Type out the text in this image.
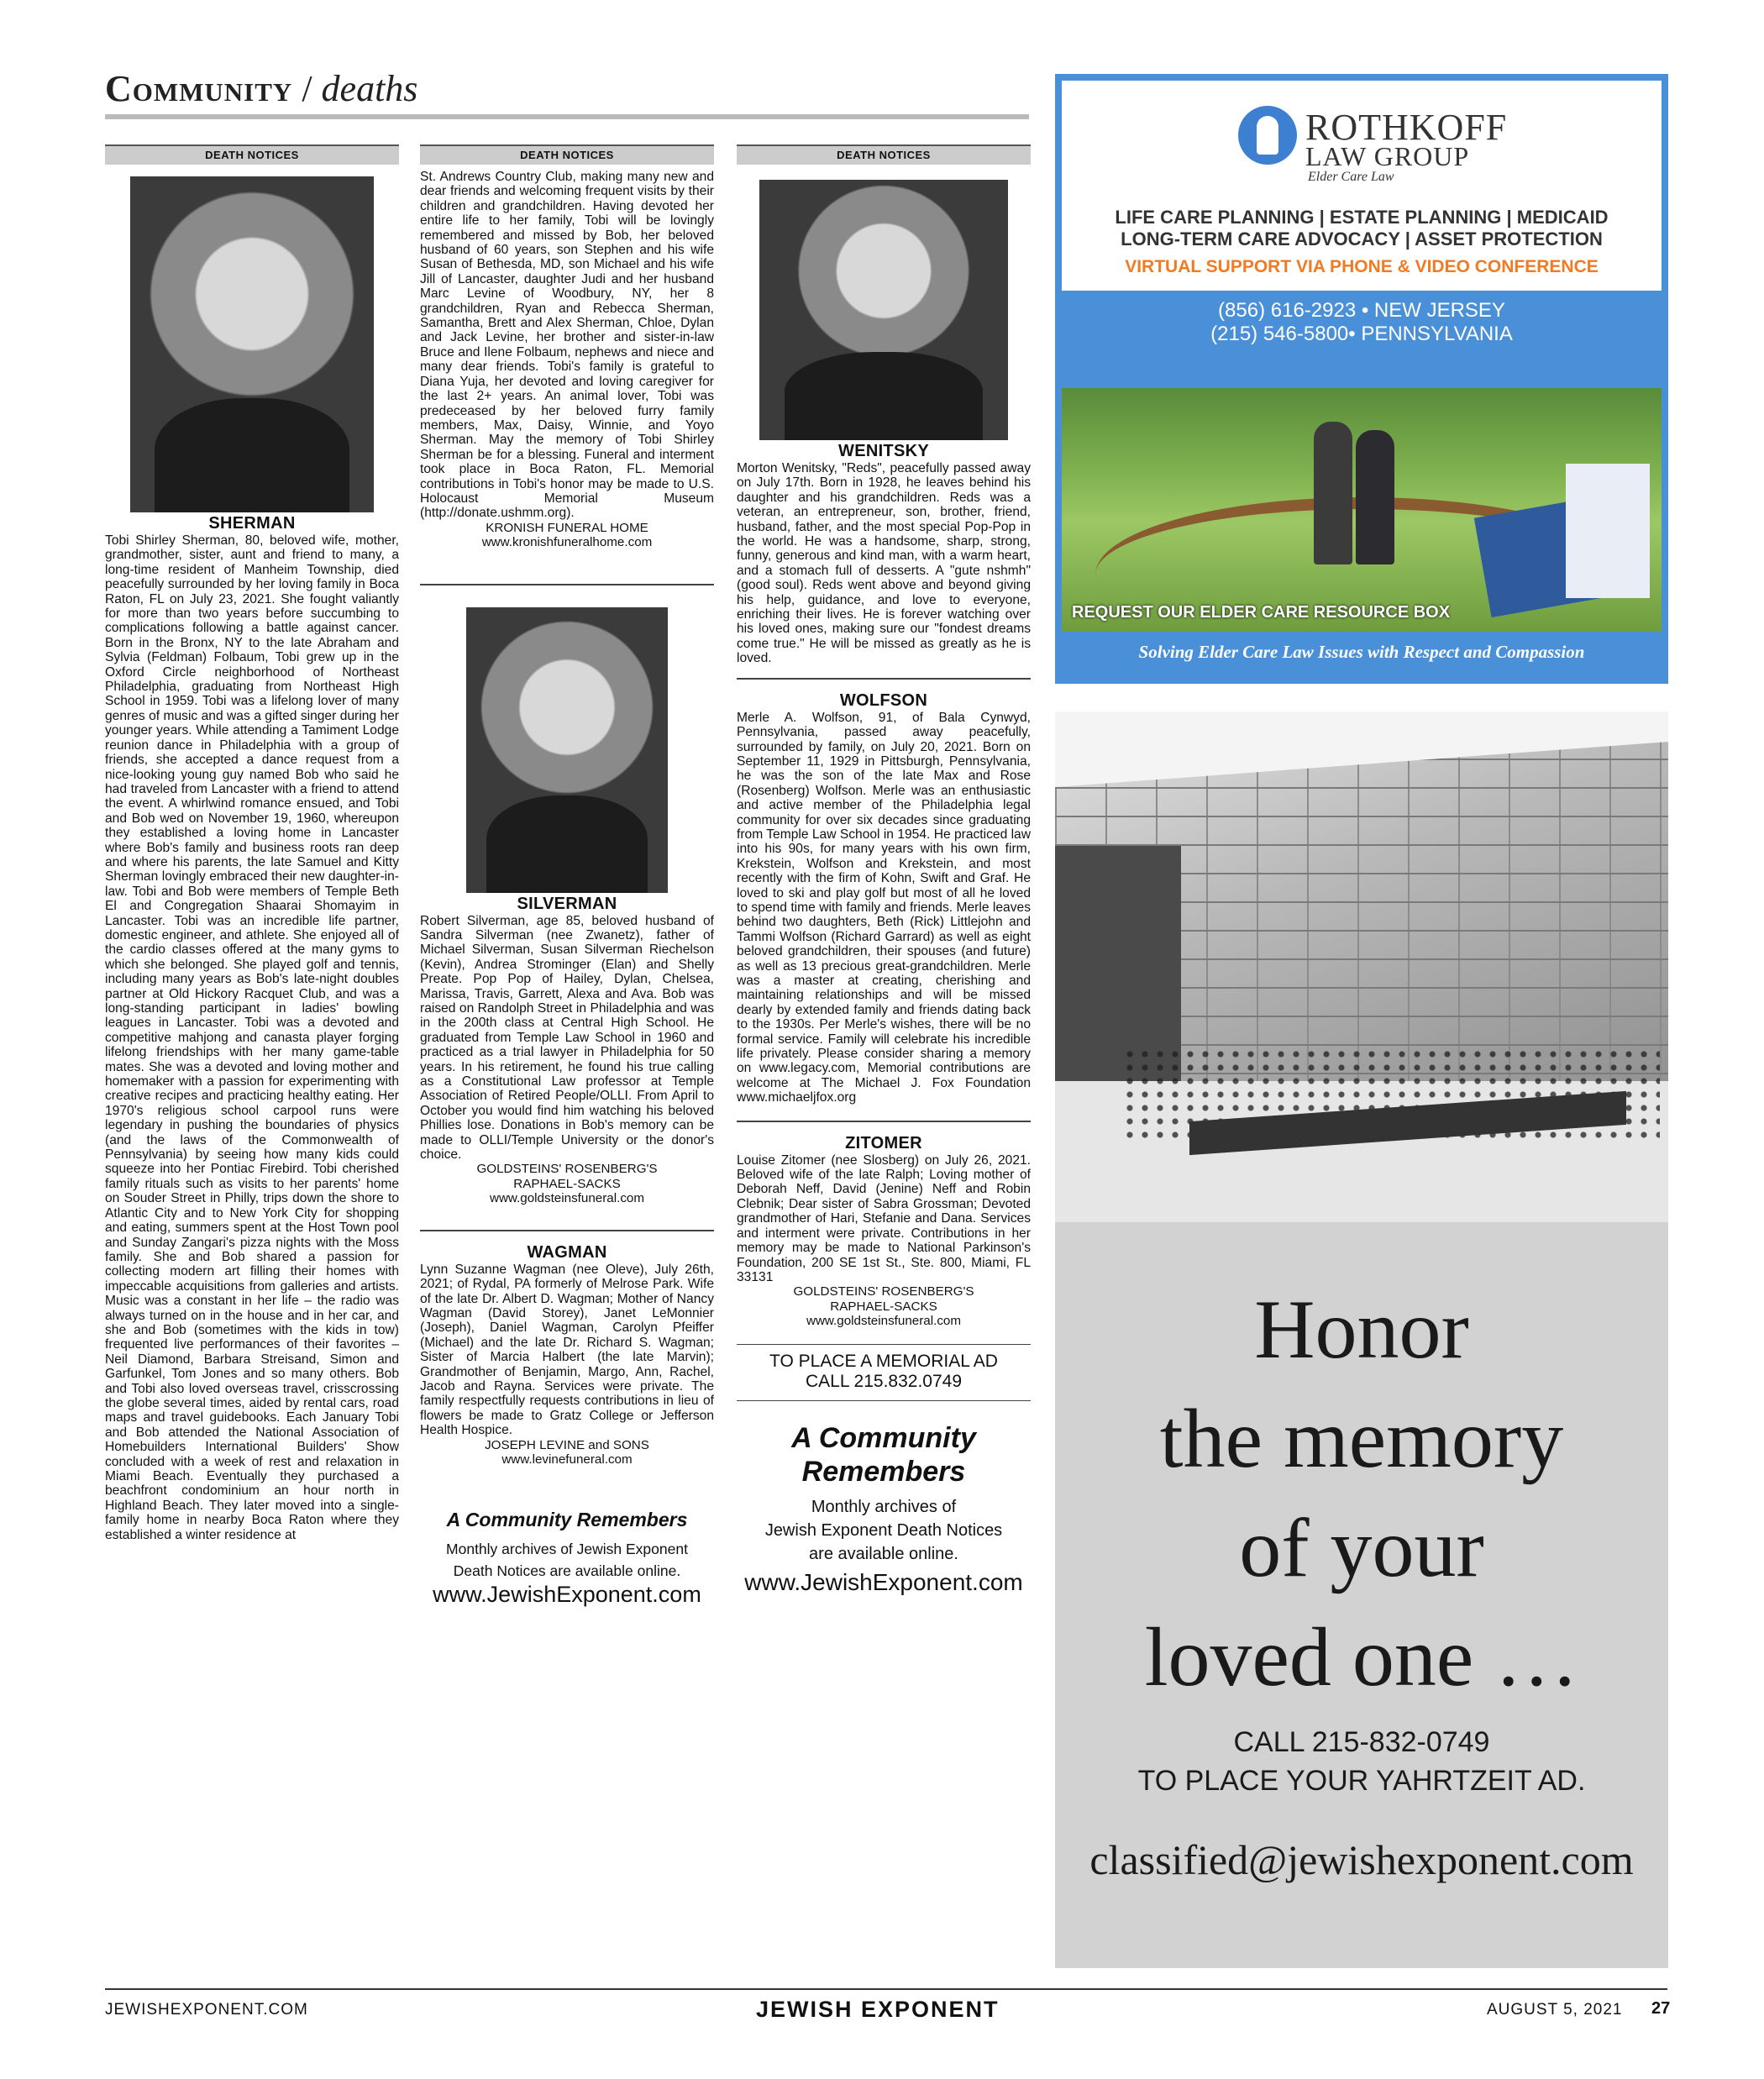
Community / deaths
DEATH NOTICES
SHERMAN
Tobi Shirley Sherman, 80, beloved wife, mother, grandmother, sister, aunt and friend to many, a long-time resident of Manheim Township, died peacefully surrounded by her loving family in Boca Raton, FL on July 23, 2021. She fought valiantly for more than two years before succumbing to complications following a battle against cancer. Born in the Bronx, NY to the late Abraham and Sylvia (Feldman) Folbaum, Tobi grew up in the Oxford Circle neighborhood of Northeast Philadelphia, graduating from Northeast High School in 1959. Tobi was a lifelong lover of many genres of music and was a gifted singer during her younger years. While attending a Tamiment Lodge reunion dance in Philadelphia with a group of friends, she accepted a dance request from a nice-looking young guy named Bob who said he had traveled from Lancaster with a friend to attend the event. A whirlwind romance ensued, and Tobi and Bob wed on November 19, 1960, whereupon they established a loving home in Lancaster where Bob's family and business roots ran deep and where his parents, the late Samuel and Kitty Sherman lovingly embraced their new daughter-in-law. Tobi and Bob were members of Temple Beth El and Congregation Shaarai Shomayim in Lancaster. Tobi was an incredible life partner, domestic engineer, and athlete. She enjoyed all of the cardio classes offered at the many gyms to which she belonged. She played golf and tennis, including many years as Bob's late-night doubles partner at Old Hickory Racquet Club, and was a long-standing participant in ladies' bowling leagues in Lancaster. Tobi was a devoted and competitive mahjong and canasta player forging lifelong friendships with her many game-table mates. She was a devoted and loving mother and homemaker with a passion for experimenting with creative recipes and practicing healthy eating. Her 1970's religious school carpool runs were legendary in pushing the boundaries of physics (and the laws of the Commonwealth of Pennsylvania) by seeing how many kids could squeeze into her Pontiac Firebird. Tobi cherished family rituals such as visits to her parents' home on Souder Street in Philly, trips down the shore to Atlantic City and to New York City for shopping and eating, summers spent at the Host Town pool and Sunday Zangari's pizza nights with the Moss family. She and Bob shared a passion for collecting modern art filling their homes with impeccable acquisitions from galleries and artists. Music was a constant in her life – the radio was always turned on in the house and in her car, and she and Bob (sometimes with the kids in tow) frequented live performances of their favorites – Neil Diamond, Barbara Streisand, Simon and Garfunkel, Tom Jones and so many others. Bob and Tobi also loved overseas travel, crisscrossing the globe several times, aided by rental cars, road maps and travel guidebooks. Each January Tobi and Bob attended the National Association of Homebuilders International Builders' Show concluded with a week of rest and relaxation in Miami Beach. Eventually they purchased a beachfront condominium an hour north in Highland Beach. They later moved into a single-family home in nearby Boca Raton where they established a winter residence at
DEATH NOTICES
St. Andrews Country Club, making many new and dear friends and welcoming frequent visits by their children and grandchildren. Having devoted her entire life to her family, Tobi will be lovingly remembered and missed by Bob, her beloved husband of 60 years, son Stephen and his wife Susan of Bethesda, MD, son Michael and his wife Jill of Lancaster, daughter Judi and her husband Marc Levine of Woodbury, NY, her 8 grandchildren, Ryan and Rebecca Sherman, Samantha, Brett and Alex Sherman, Chloe, Dylan and Jack Levine, her brother and sister-in-law Bruce and Ilene Folbaum, nephews and niece and many dear friends. Tobi's family is grateful to Diana Yuja, her devoted and loving caregiver for the last 2+ years. An animal lover, Tobi was predeceased by her beloved furry family members, Max, Daisy, Winnie, and Yoyo Sherman. May the memory of Tobi Shirley Sherman be for a blessing. Funeral and interment took place in Boca Raton, FL. Memorial contributions in Tobi's honor may be made to U.S. Holocaust Memorial Museum (http://donate.ushmm.org).
KRONISH FUNERAL HOME
www.kronishfuneralhome.com
SILVERMAN
Robert Silverman, age 85, beloved husband of Sandra Silverman (nee Zwanetz), father of Michael Silverman, Susan Silverman Riechelson (Kevin), Andrea Strominger (Elan) and Shelly Preate. Pop Pop of Hailey, Dylan, Chelsea, Marissa, Travis, Garrett, Alexa and Ava. Bob was raised on Randolph Street in Philadelphia and was in the 200th class at Central High School. He graduated from Temple Law School in 1960 and practiced as a trial lawyer in Philadelphia for 50 years. In his retirement, he found his true calling as a Constitutional Law professor at Temple Association of Retired People/OLLI. From April to October you would find him watching his beloved Phillies lose. Donations in Bob's memory can be made to OLLI/Temple University or the donor's choice.
GOLDSTEINS' ROSENBERG'S
RAPHAEL-SACKS
www.goldsteinsfuneral.com
WAGMAN
Lynn Suzanne Wagman (nee Oleve), July 26th, 2021; of Rydal, PA formerly of Melrose Park. Wife of the late Dr. Albert D. Wagman; Mother of Nancy Wagman (David Storey), Janet LeMonnier (Joseph), Daniel Wagman, Carolyn Pfeiffer (Michael) and the late Dr. Richard S. Wagman; Sister of Marcia Halbert (the late Marvin); Grandmother of Benjamin, Margo, Ann, Rachel, Jacob and Rayna. Services were private. The family respectfully requests contributions in lieu of flowers be made to Gratz College or Jefferson Health Hospice.
JOSEPH LEVINE and SONS
www.levinefuneral.com
A Community Remembers
Monthly archives of Jewish Exponent
Death Notices are available online.
www.JewishExponent.com
DEATH NOTICES
WENITSKY
Morton Wenitsky, "Reds", peacefully passed away on July 17th. Born in 1928, he leaves behind his daughter and his grandchildren. Reds was a veteran, an entrepreneur, son, brother, friend, husband, father, and the most special Pop-Pop in the world. He was a handsome, sharp, strong, funny, generous and kind man, with a warm heart, and a stomach full of desserts. A "gute nshmh" (good soul). Reds went above and beyond giving his help, guidance, and love to everyone, enriching their lives. He is forever watching over his loved ones, making sure our "fondest dreams come true." He will be missed as greatly as he is loved.
WOLFSON
Merle A. Wolfson, 91, of Bala Cynwyd, Pennsylvania, passed away peacefully, surrounded by family, on July 20, 2021. Born on September 11, 1929 in Pittsburgh, Pennsylvania, he was the son of the late Max and Rose (Rosenberg) Wolfson. Merle was an enthusiastic and active member of the Philadelphia legal community for over six decades since graduating from Temple Law School in 1954. He practiced law into his 90s, for many years with his own firm, Krekstein, Wolfson and Krekstein, and most recently with the firm of Kohn, Swift and Graf. He loved to ski and play golf but most of all he loved to spend time with family and friends. Merle leaves behind two daughters, Beth (Rick) Littlejohn and Tammi Wolfson (Richard Garrard) as well as eight beloved grandchildren, their spouses (and future) as well as 13 precious great-grandchildren. Merle was a master at creating, cherishing and maintaining relationships and will be missed dearly by extended family and friends dating back to the 1930s. Per Merle's wishes, there will be no formal service. Family will celebrate his incredible life privately. Please consider sharing a memory on www.legacy.com, Memorial contributions are welcome at The Michael J. Fox Foundation www.michaeljfox.org
ZITOMER
Louise Zitomer (nee Slosberg) on July 26, 2021. Beloved wife of the late Ralph; Loving mother of Deborah Neff, David (Jenine) Neff and Robin Clebnik; Dear sister of Sabra Grossman; Devoted grandmother of Hari, Stefanie and Dana. Services and interment were private. Contributions in her memory may be made to National Parkinson's Foundation, 200 SE 1st St., Ste. 800, Miami, FL 33131
GOLDSTEINS' ROSENBERG'S
RAPHAEL-SACKS
www.goldsteinsfuneral.com
TO PLACE A MEMORIAL AD
CALL 215.832.0749
A Community
Remembers
Monthly archives of
Jewish Exponent Death Notices
are available online.
www.JewishExponent.com
ROTHKOFF
LAW GROUP
Elder Care Law
LIFE CARE PLANNING | ESTATE PLANNING | MEDICAID
LONG-TERM CARE ADVOCACY | ASSET PROTECTION
VIRTUAL SUPPORT VIA PHONE & VIDEO CONFERENCE
(856) 616-2923 • NEW JERSEY
(215) 546-5800• PENNSYLVANIA
REQUEST OUR ELDER CARE RESOURCE BOX
Solving Elder Care Law Issues with Respect and Compassion
Honor
the memory
of your
loved one …
CALL 215-832-0749
TO PLACE YOUR YAHRTZEIT AD.
classified@jewishexponent.com
JEWISHEXPONENT.COM	JEWISH EXPONENT	AUGUST 5, 2021 27
